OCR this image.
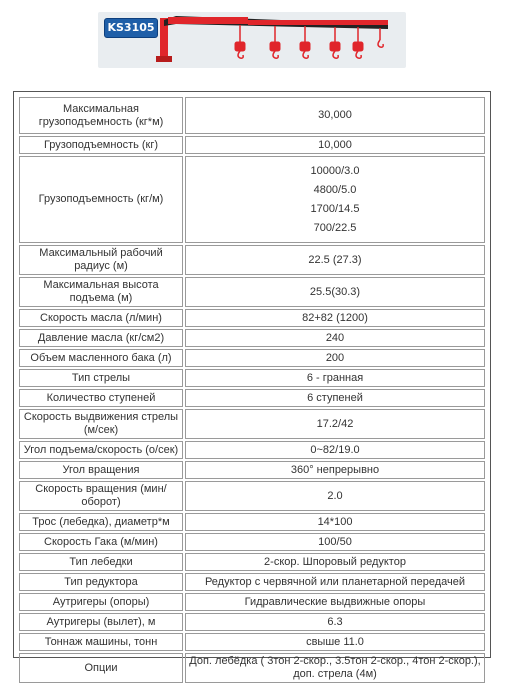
KS3105
Максимальная грузоподъемность (кг*м)	30,000
Грузоподъемность (кг)	10,000
Грузоподъемность (кг/м)	10000/3.0
4800/5.0
1700/14.5
700/22.5

Максимальный рабочий радиус (м)	22.5 (27.3)
Максимальная высота подъема (м)	25.5(30.3)
Скорость масла (л/мин)	82+82 (1200)
Давление масла (кг/см2)	240
Объем масленного бака (л)	200
Тип стрелы	6 - гранная
Количество ступеней	6 ступеней
Скорость выдвижения стрелы (м/сек)	17.2/42
Угол подъема/скорость (о/сек)	0~82/19.0
Угол вращения	360° непрерывно
Скорость вращения (мин/оборот)	2.0
Трос (лебедка), диаметр*м	14*100
Скорость Гака (м/мин)	100/50
Тип лебедки	2-скор. Шпоровый редуктор
Тип редуктора	Редуктор с червячной или планетарной передачей
Аутригеры (опоры)	Гидравлические выдвижные опоры
Аутригеры (вылет), м	6.3
Тоннаж машины, тонн	свыше 11.0
Опции	Доп. лебёдка ( 3тон 2-скор., 3.5тон 2-скор., 4тон 2-скор.), доп. стрела (4м)
